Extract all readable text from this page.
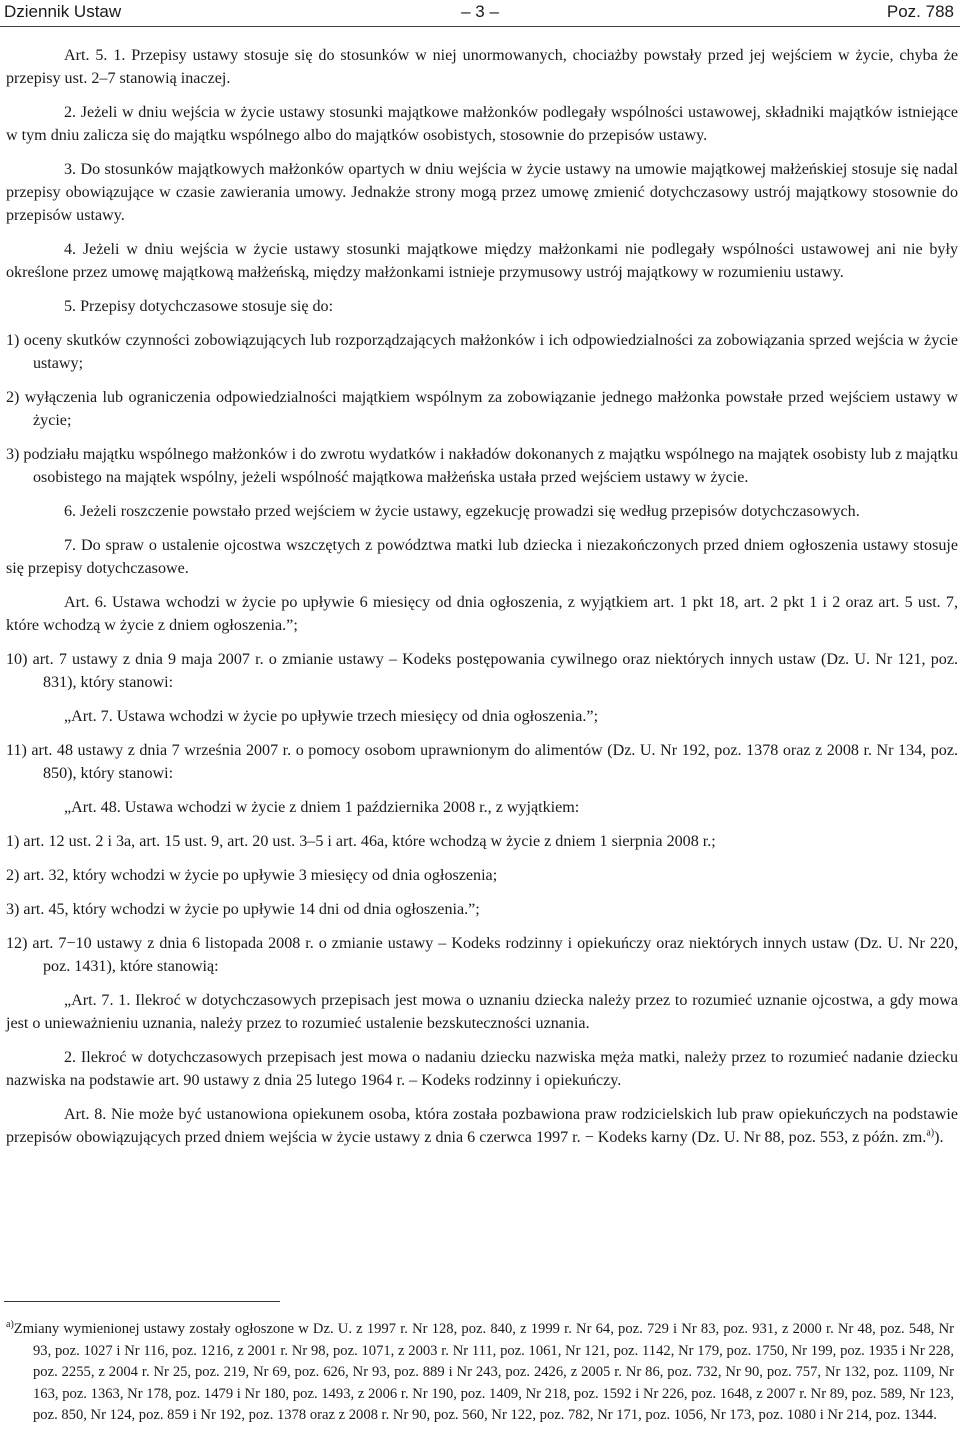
Dziennik Ustaw	– 3 –	Poz. 788

Art. 5. 1. Przepisy ustawy stosuje się do stosunków w niej unormowanych, chociażby powstały przed jej wejściem w życie, chyba że przepisy ust. 2–7 stanowią inaczej.

2. Jeżeli w dniu wejścia w życie ustawy stosunki majątkowe małżonków podlegały wspólności ustawowej, składniki majątków istniejące w tym dniu zalicza się do majątku wspólnego albo do majątków osobistych, stosownie do przepisów ustawy.

3. Do stosunków majątkowych małżonków opartych w dniu wejścia w życie ustawy na umowie majątkowej małżeńskiej stosuje się nadal przepisy obowiązujące w czasie zawierania umowy. Jednakże strony mogą przez umowę zmienić dotychczasowy ustrój majątkowy stosownie do przepisów ustawy.

4. Jeżeli w dniu wejścia w życie ustawy stosunki majątkowe między małżonkami nie podlegały wspólności ustawowej ani nie były określone przez umowę majątkową małżeńską, między małżonkami istnieje przymusowy ustrój majątkowy w rozumieniu ustawy.

5. Przepisy dotychczasowe stosuje się do:

1) oceny skutków czynności zobowiązujących lub rozporządzających małżonków i ich odpowiedzialności za zobowiązania sprzed wejścia w życie ustawy;

2) wyłączenia lub ograniczenia odpowiedzialności majątkiem wspólnym za zobowiązanie jednego małżonka powstałe przed wejściem ustawy w życie;

3) podziału majątku wspólnego małżonków i do zwrotu wydatków i nakładów dokonanych z majątku wspólnego na majątek osobisty lub z majątku osobistego na majątek wspólny, jeżeli wspólność majątkowa małżeńska ustała przed wejściem ustawy w życie.

6. Jeżeli roszczenie powstało przed wejściem w życie ustawy, egzekucję prowadzi się według przepisów dotychczasowych.

7. Do spraw o ustalenie ojcostwa wszczętych z powództwa matki lub dziecka i niezakończonych przed dniem ogłoszenia ustawy stosuje się przepisy dotychczasowe.

Art. 6. Ustawa wchodzi w życie po upływie 6 miesięcy od dnia ogłoszenia, z wyjątkiem art. 1 pkt 18, art. 2 pkt 1 i 2 oraz art. 5 ust. 7, które wchodzą w życie z dniem ogłoszenia.”;

10) art. 7 ustawy z dnia 9 maja 2007 r. o zmianie ustawy – Kodeks postępowania cywilnego oraz niektórych innych ustaw (Dz. U. Nr 121, poz. 831), który stanowi:

„Art. 7. Ustawa wchodzi w życie po upływie trzech miesięcy od dnia ogłoszenia.”;

11) art. 48 ustawy z dnia 7 września 2007 r. o pomocy osobom uprawnionym do alimentów (Dz. U. Nr 192, poz. 1378 oraz z 2008 r. Nr 134, poz. 850), który stanowi:

„Art. 48. Ustawa wchodzi w życie z dniem 1 października 2008 r., z wyjątkiem:

1) art. 12 ust. 2 i 3a, art. 15 ust. 9, art. 20 ust. 3–5 i art. 46a, które wchodzą w życie z dniem 1 sierpnia 2008 r.;

2) art. 32, który wchodzi w życie po upływie 3 miesięcy od dnia ogłoszenia;

3) art. 45, który wchodzi w życie po upływie 14 dni od dnia ogłoszenia.”;

12) art. 7−10 ustawy z dnia 6 listopada 2008 r. o zmianie ustawy – Kodeks rodzinny i opiekuńczy oraz niektórych innych ustaw (Dz. U. Nr 220, poz. 1431), które stanowią:

„Art. 7. 1. Ilekroć w dotychczasowych przepisach jest mowa o uznaniu dziecka należy przez to rozumieć uznanie ojcostwa, a gdy mowa jest o unieważnieniu uznania, należy przez to rozumieć ustalenie bezskuteczności uznania.

2. Ilekroć w dotychczasowych przepisach jest mowa o nadaniu dziecku nazwiska męża matki, należy przez to rozumieć nadanie dziecku nazwiska na podstawie art. 90 ustawy z dnia 25 lutego 1964 r. – Kodeks rodzinny i opiekuńczy.

Art. 8. Nie może być ustanowiona opiekunem osoba, która została pozbawiona praw rodzicielskich lub praw opiekuńczych na podstawie przepisów obowiązujących przed dniem wejścia w życie ustawy z dnia 6 czerwca 1997 r. − Kodeks karny (Dz. U. Nr 88, poz. 553, z późn. zm.$^{a)}$).

$^{a)}$Zmiany wymienionej ustawy zostały ogłoszone w Dz. U. z 1997 r. Nr 128, poz. 840, z 1999 r. Nr 64, poz. 729 i Nr 83, poz. 931, z 2000 r. Nr 48, poz. 548, Nr 93, poz. 1027 i Nr 116, poz. 1216, z 2001 r. Nr 98, poz. 1071, z 2003 r. Nr 111, poz. 1061, Nr 121, poz. 1142, Nr 179, poz. 1750, Nr 199, poz. 1935 i Nr 228, poz. 2255, z 2004 r. Nr 25, poz. 219, Nr 69, poz. 626, Nr 93, poz. 889 i Nr 243, poz. 2426, z 2005 r. Nr 86, poz. 732, Nr 90, poz. 757, Nr 132, poz. 1109, Nr 163, poz. 1363, Nr 178, poz. 1479 i Nr 180, poz. 1493, z 2006 r. Nr 190, poz. 1409, Nr 218, poz. 1592 i Nr 226, poz. 1648, z 2007 r. Nr 89, poz. 589, Nr 123, poz. 850, Nr 124, poz. 859 i Nr 192, poz. 1378 oraz z 2008 r. Nr 90, poz. 560, Nr 122, poz. 782, Nr 171, poz. 1056, Nr 173, poz. 1080 i Nr 214, poz. 1344.
